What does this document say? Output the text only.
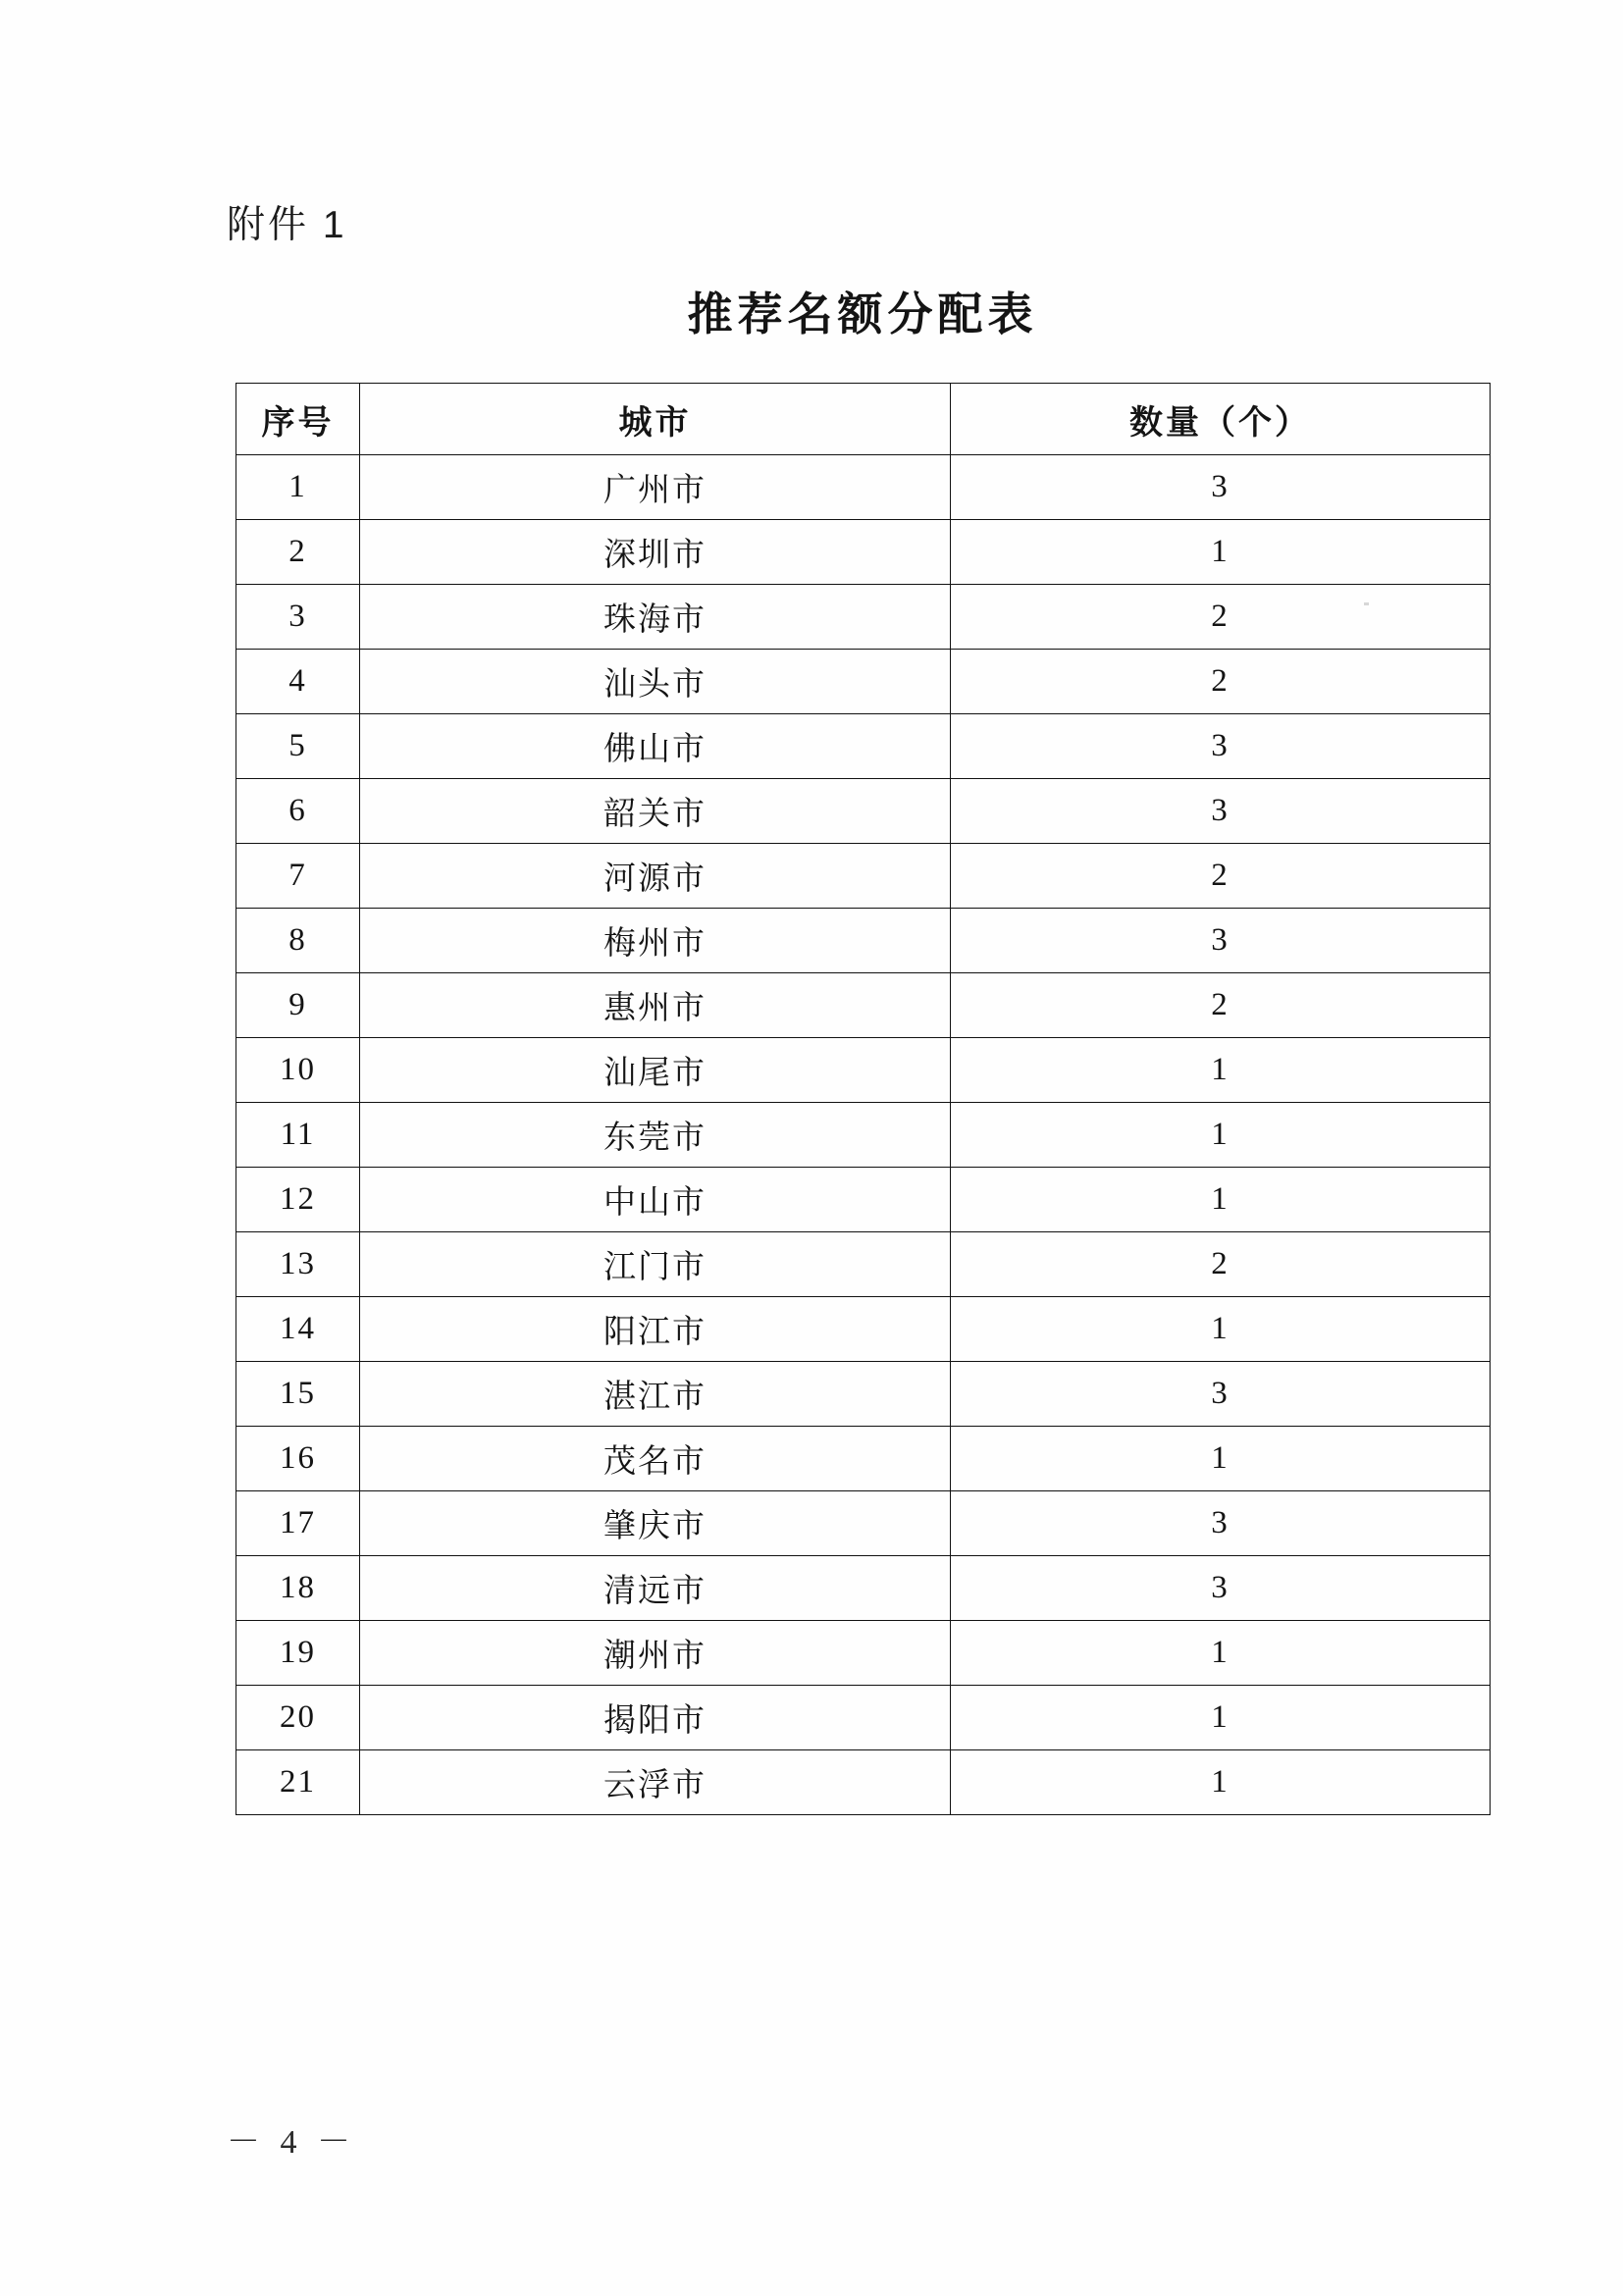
附件 1
推荐名额分配表
序号	城市	数量（个）
1	广州市	3
2	深圳市	1
3	珠海市	2
4	汕头市	2
5	佛山市	3
6	韶关市	3
7	河源市	2
8	梅州市	3
9	惠州市	2
10	汕尾市	1
11	东莞市	1
12	中山市	1
13	江门市	2
14	阳江市	1
15	湛江市	3
16	茂名市	1
17	肇庆市	3
18	清远市	3
19	潮州市	1
20	揭阳市	1
21	云浮市	1
－ 4 －
